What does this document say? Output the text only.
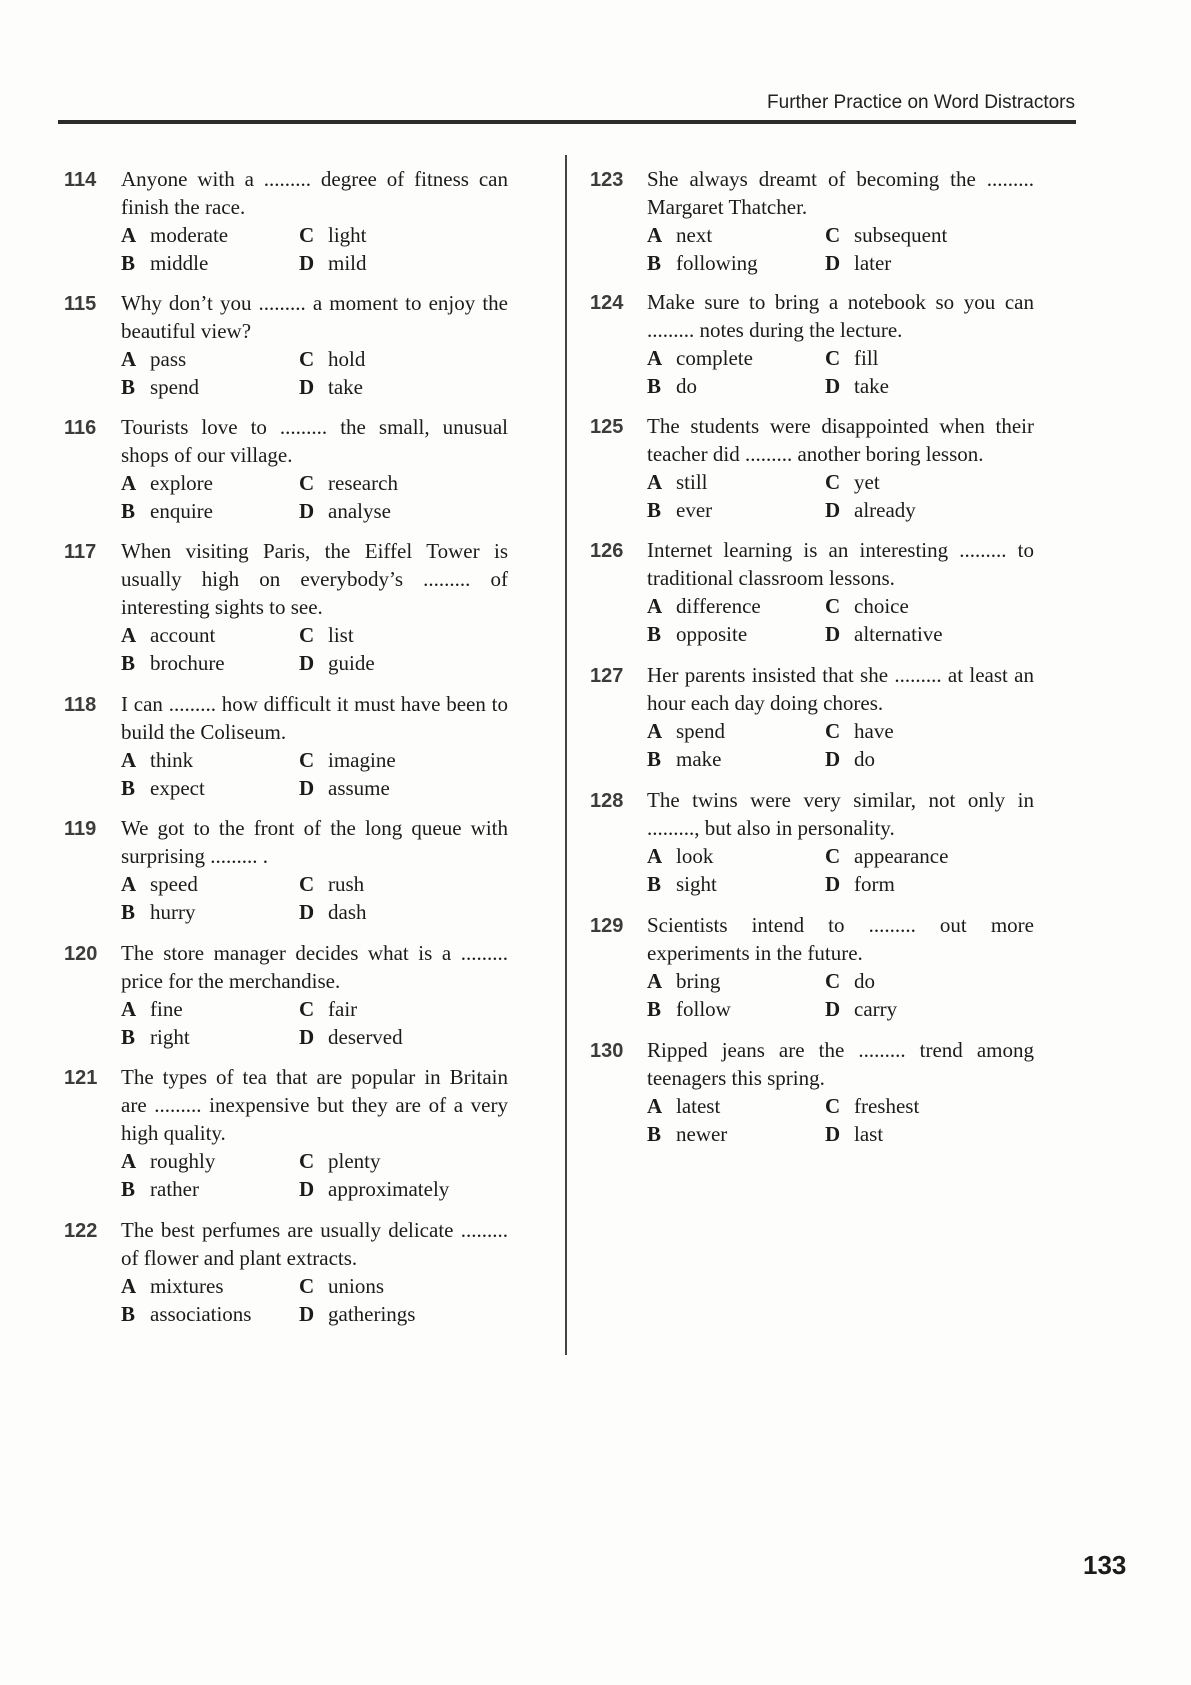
Further Practice on Word Distractors
114 Anyone with a ......... degree of fitness can finish the race.
A moderate	C light
B middle	D mild
115 Why don’t you ......... a moment to enjoy the beautiful view?
A pass	C hold
B spend	D take
116 Tourists love to ......... the small, unusual shops of our village.
A explore	C research
B enquire	D analyse
117 When visiting Paris, the Eiffel Tower is usually high on everybody’s ......... of interesting sights to see.
A account	C list
B brochure	D guide
118 I can ......... how difficult it must have been to build the Coliseum.
A think	C imagine
B expect	D assume
119 We got to the front of the long queue with surprising ......... .
A speed	C rush
B hurry	D dash
120 The store manager decides what is a ......... price for the merchandise.
A fine	C fair
B right	D deserved
121 The types of tea that are popular in Britain are ......... inexpensive but they are of a very high quality.
A roughly	C plenty
B rather	D approximately
122 The best perfumes are usually delicate ......... of flower and plant extracts.
A mixtures	C unions
B associations	D gatherings
123 She always dreamt of becoming the ......... Margaret Thatcher.
A next	C subsequent
B following	D later
124 Make sure to bring a notebook so you can ......... notes during the lecture.
A complete	C fill
B do	D take
125 The students were disappointed when their teacher did ......... another boring lesson.
A still	C yet
B ever	D already
126 Internet learning is an interesting ......... to traditional classroom lessons.
A difference	C choice
B opposite	D alternative
127 Her parents insisted that she ......... at least an hour each day doing chores.
A spend	C have
B make	D do
128 The twins were very similar, not only in ........., but also in personality.
A look	C appearance
B sight	D form
129 Scientists intend to ......... out more experiments in the future.
A bring	C do
B follow	D carry
130 Ripped jeans are the ......... trend among teenagers this spring.
A latest	C freshest
B newer	D last
133
